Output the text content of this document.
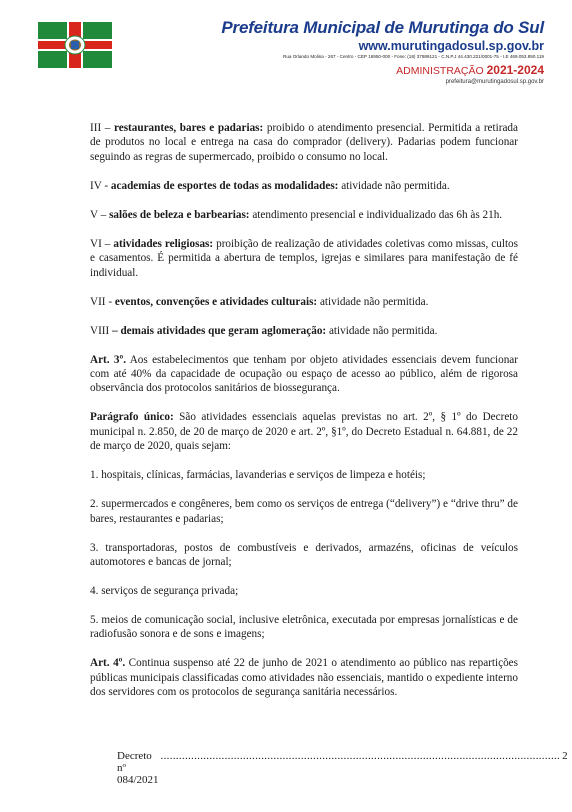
Prefeitura Municipal de Murutinga do Sul
www.murutingadosul.sp.gov.br
Rua Orlando Molina - 267 - Centro - CEP 16950-000 - Fone: (18) 37889121 - C.N.P.J 44.430.221/0001-75 - I.E 469.053.890.119
ADMINISTRAÇÃO 2021-2024
prefeitura@murutingadosul.sp.gov.br

III – restaurantes, bares e padarias: proibido o atendimento presencial. Permitida a retirada de produtos no local e entrega na casa do comprador (delivery). Padarias podem funcionar seguindo as regras de supermercado, proibido o consumo no local.

IV - academias de esportes de todas as modalidades: atividade não permitida.

V – salões de beleza e barbearias: atendimento presencial e individualizado das 6h às 21h.

VI – atividades religiosas: proibição de realização de atividades coletivas como missas, cultos e casamentos. É permitida a abertura de templos, igrejas e similares para manifestação de fé individual.

VII - eventos, convenções e atividades culturais: atividade não permitida.

VIII – demais atividades que geram aglomeração: atividade não permitida.

Art. 3º. Aos estabelecimentos que tenham por objeto atividades essenciais devem funcionar com até 40% da capacidade de ocupação ou espaço de acesso ao público, além de rigorosa observância dos protocolos sanitários de biossegurança.

Parágrafo único: São atividades essenciais aquelas previstas no art. 2º, § 1º do Decreto municipal n. 2.850, de 20 de março de 2020 e art. 2º, §1º, do Decreto Estadual n. 64.881, de 22 de março de 2020, quais sejam:

1. hospitais, clínicas, farmácias, lavanderias e serviços de limpeza e hotéis;

2. supermercados e congêneres, bem como os serviços de entrega (“delivery”) e “drive thru” de bares, restaurantes e padarias;

3. transportadoras, postos de combustíveis e derivados, armazéns, oficinas de veículos automotores e bancas de jornal;

4. serviços de segurança privada;

5. meios de comunicação social, inclusive eletrônica, executada por empresas jornalísticas e de radiofusão sonora e de sons e imagens;

Art. 4º. Continua suspenso até 22 de junho de 2021 o atendimento ao público nas repartições públicas municipais classificadas como atividades não essenciais, mantido o expediente interno dos servidores com os protocolos de segurança sanitária necessários.

Decreto nº 084/2021
................................................................................................................................... 2
